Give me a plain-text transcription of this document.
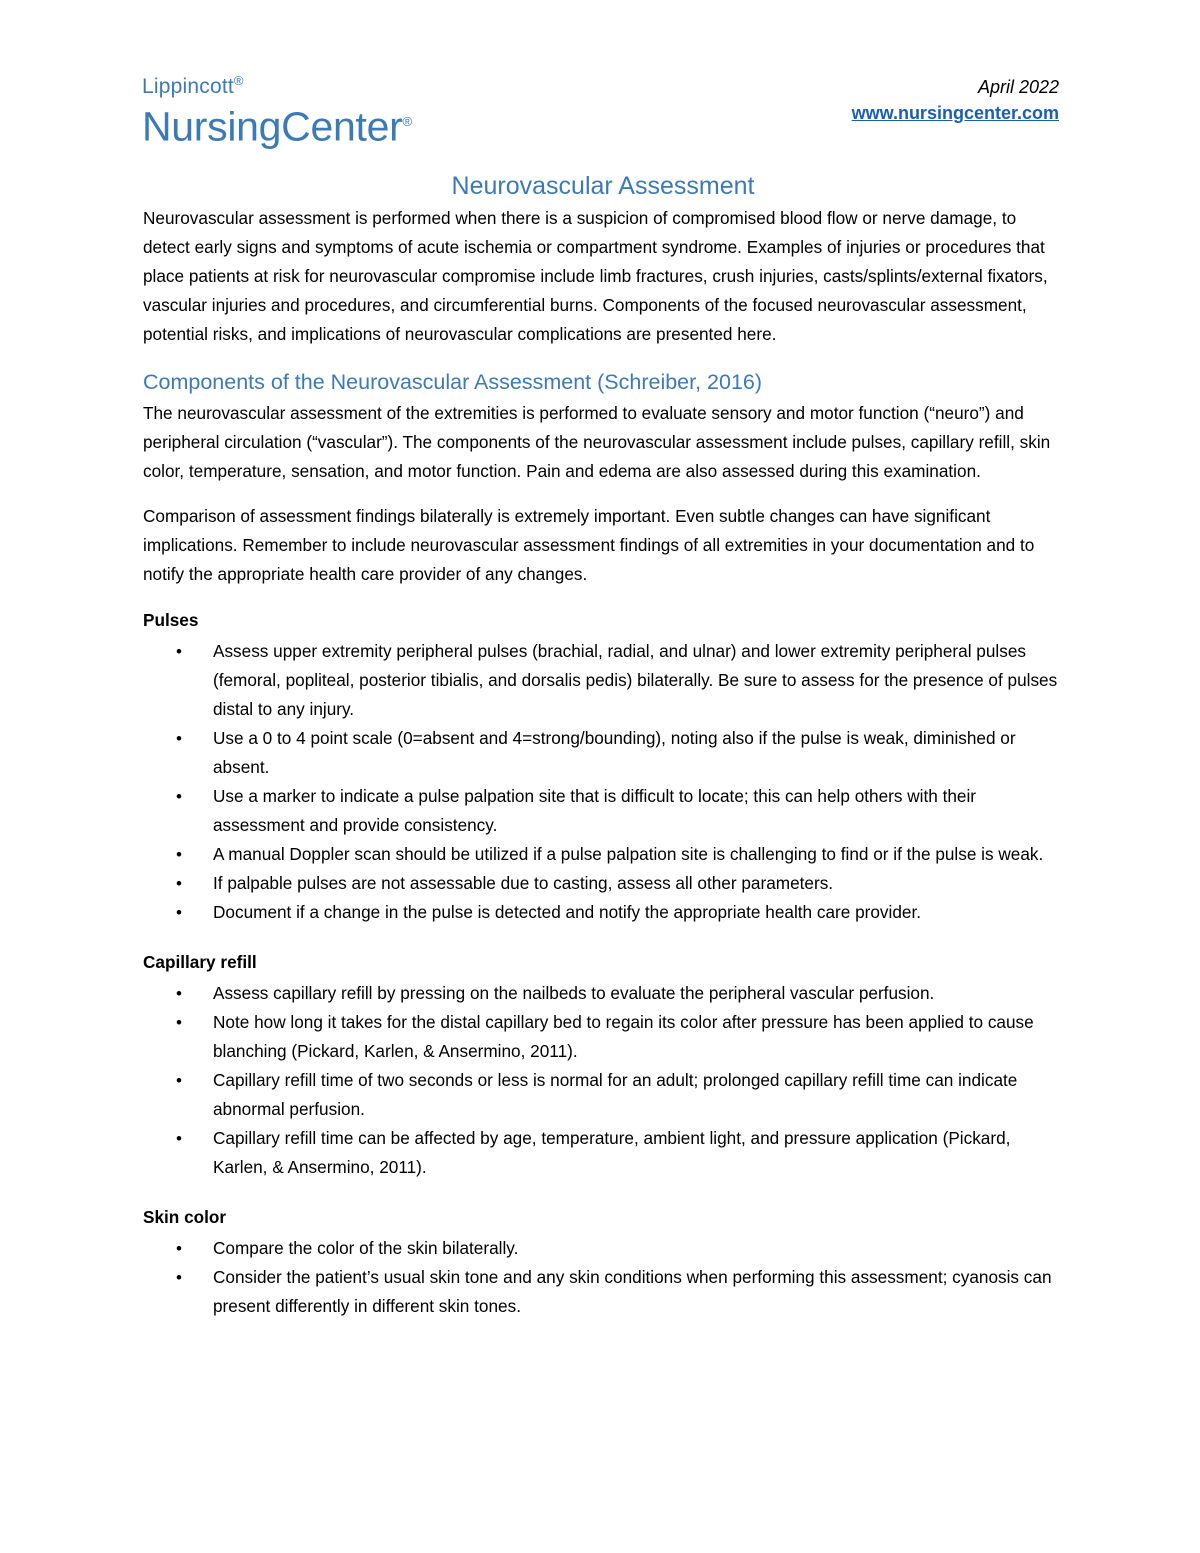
Lippincott®
NursingCenter®
April 2022
www.nursingcenter.com
Neurovascular Assessment

Neurovascular assessment is performed when there is a suspicion of compromised blood flow or nerve damage, to detect early signs and symptoms of acute ischemia or compartment syndrome. Examples of injuries or procedures that place patients at risk for neurovascular compromise include limb fractures, crush injuries, casts/splints/external fixators, vascular injuries and procedures, and circumferential burns. Components of the focused neurovascular assessment, potential risks, and implications of neurovascular complications are presented here.

Components of the Neurovascular Assessment (Schreiber, 2016)

The neurovascular assessment of the extremities is performed to evaluate sensory and motor function (“neuro”) and peripheral circulation (“vascular”). The components of the neurovascular assessment include pulses, capillary refill, skin color, temperature, sensation, and motor function. Pain and edema are also assessed during this examination.

Comparison of assessment findings bilaterally is extremely important. Even subtle changes can have significant implications. Remember to include neurovascular assessment findings of all extremities in your documentation and to notify the appropriate health care provider of any changes.

Pulses
• Assess upper extremity peripheral pulses (brachial, radial, and ulnar) and lower extremity peripheral pulses (femoral, popliteal, posterior tibialis, and dorsalis pedis) bilaterally. Be sure to assess for the presence of pulses distal to any injury.
• Use a 0 to 4 point scale (0=absent and 4=strong/bounding), noting also if the pulse is weak, diminished or absent.
• Use a marker to indicate a pulse palpation site that is difficult to locate; this can help others with their assessment and provide consistency.
• A manual Doppler scan should be utilized if a pulse palpation site is challenging to find or if the pulse is weak.
• If palpable pulses are not assessable due to casting, assess all other parameters.
• Document if a change in the pulse is detected and notify the appropriate health care provider.
Capillary refill
• Assess capillary refill by pressing on the nailbeds to evaluate the peripheral vascular perfusion.
• Note how long it takes for the distal capillary bed to regain its color after pressure has been applied to cause blanching (Pickard, Karlen, & Ansermino, 2011).
• Capillary refill time of two seconds or less is normal for an adult; prolonged capillary refill time can indicate abnormal perfusion.
• Capillary refill time can be affected by age, temperature, ambient light, and pressure application (Pickard, Karlen, & Ansermino, 2011).
Skin color
• Compare the color of the skin bilaterally.
• Consider the patient’s usual skin tone and any skin conditions when performing this assessment; cyanosis can present differently in different skin tones.
